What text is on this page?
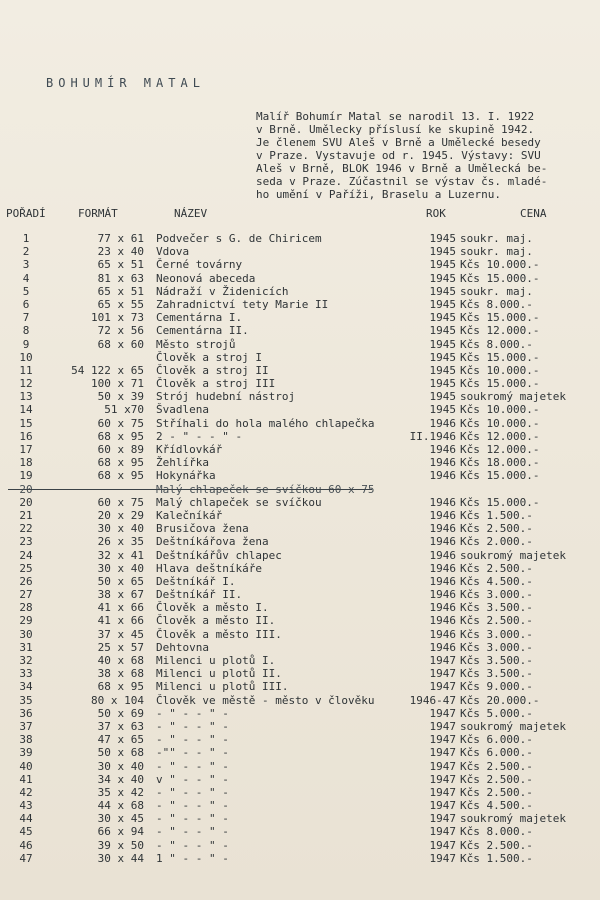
BOHUMÍR MATAL
Malíř Bohumír Matal se narodil 13. I. 1922
v Brně. Umělecky příslusí ke skupině 1942.
Je členem SVU Aleš v Brně a Umělecké besedy
v Praze. Vystavuje od r. 1945. Výstavy: SVU
Aleš v Brně, BLOK 1946 v Brně a Umělecká be-
seda v Praze. Zúčastnil se výstav čs. mladé-
ho umění v Paříži, Braselu a Luzernu.
POŘADÍ	FORMÁT	NÁZEV	ROK	CENA
1	77 x 61 Podvečer s G. de Chiricem	1945 soukr. maj.
2	23 x 40 Vdova	1945 soukr. maj.
3	65 x 51 Černé továrny	1945 Kčs 10.000.-
4	81 x 63 Neonová abeceda	1945 Kčs 15.000.-
5	65 x 51 Nádraží v Židenicích	1945 soukr. maj.
6	65 x 55 Zahradnictví tety Marie II	1945 Kčs 8.000.-
7	101 x 73 Cementárna I.	1945 Kčs 15.000.-
8	72 x 56 Cementárna II.	1945 Kčs 12.000.-
9	68 x 60 Město strojů	1945 Kčs 8.000.-
10	Člověk a stroj I	1945 Kčs 15.000.-
11	54 122 x 65 Člověk a stroj II	1945 Kčs 10.000.-
12	100 x 71 Člověk a stroj III	1945 Kčs 15.000.-
13	50 x 39 Strój hudební nástroj	1945 soukromý majetek
14	51 x70 Švadlena	1945 Kčs 10.000.-
15	60 x 75 Stříhali do hola malého chlapečka	1946 Kčs 10.000.-
16	68 x 95 2 - " - - " -	II.1946 Kčs 12.000.-
17	60 x 89 Křídlovkář	1946 Kčs 12.000.-
18	68 x 95 Žehlířka	1946 Kčs 18.000.-
19	68 x 95 Hokynářka	1946 Kčs 15.000.-
20	Malý chlapeček se svíčkou 60 x 75
20	60 x 75 Malý chlapeček se svíčkou	1946 Kčs 15.000.-
21	20 x 29 Kalečníkář	1946 Kčs 1.500.-
22	30 x 40 Brusičova žena	1946 Kčs 2.500.-
23	26 x 35 Deštníkářova žena	1946 Kčs 2.000.-
24	32 x 41 Deštníkářův chlapec	1946 soukromý majetek
25	30 x 40 Hlava deštníkáře	1946 Kčs 2.500.-
26	50 x 65 Deštníkář I.	1946 Kčs 4.500.-
27	38 x 67 Deštníkář II.	1946 Kčs 3.000.-
28	41 x 66 Člověk a město I.	1946 Kčs 3.500.-
29	41 x 66 Člověk a město II.	1946 Kčs 2.500.-
30	37 x 45 Člověk a město III.	1946 Kčs 3.000.-
31	25 x 57 Dehtovna	1946 Kčs 3.000.-
32	40 x 68 Milenci u plotů I.	1947 Kčs 3.500.-
33	38 x 68 Milenci u plotů II.	1947 Kčs 3.500.-
34	68 x 95 Milenci u plotů III.	1947 Kčs 9.000.-
35	80 x 104 Člověk ve městě - město v člověku	1946-47 Kčs 20.000.-
36	50 x 69 - " - - " -	1947 Kčs 5.000.-
37	37 x 63 - " - - " -	1947 soukromý majetek
38	47 x 65 - " - - " -	1947 Kčs 6.000.-
39	50 x 68 -"" - - " -	1947 Kčs 6.000.-
40	30 x 40 - " - - " -	1947 Kčs 2.500.-
41	34 x 40 v " - - " -	1947 Kčs 2.500.-
42	35 x 42 - " - - " -	1947 Kčs 2.500.-
43	44 x 68 - " - - " -	1947 Kčs 4.500.-
44	30 x 45 - " - - " -	1947 soukromý majetek
45	66 x 94 - " - - " -	1947 Kčs 8.000.-
46	39 x 50 - " - - " -	1947 Kčs 2.500.-
47	30 x 44 1 " - - " -	1947 Kčs 1.500.-
